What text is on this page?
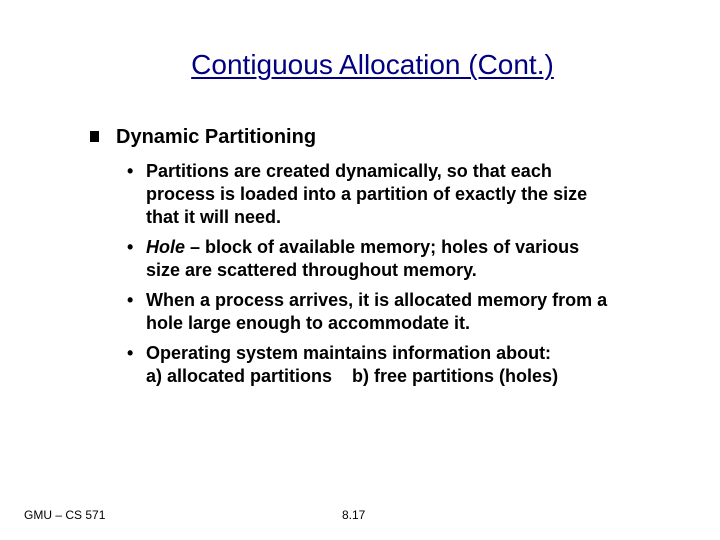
Contiguous Allocation (Cont.)
Dynamic Partitioning
• Partitions are created dynamically, so that each
process is loaded into a partition of exactly the size
that it will need.
• Hole – block of available memory; holes of various
size are scattered throughout memory.
• When a process arrives, it is allocated memory from a
hole large enough to accommodate it.
• Operating system maintains information about:
a) allocated partitions    b) free partitions (holes)
GMU – CS 571	8.17
